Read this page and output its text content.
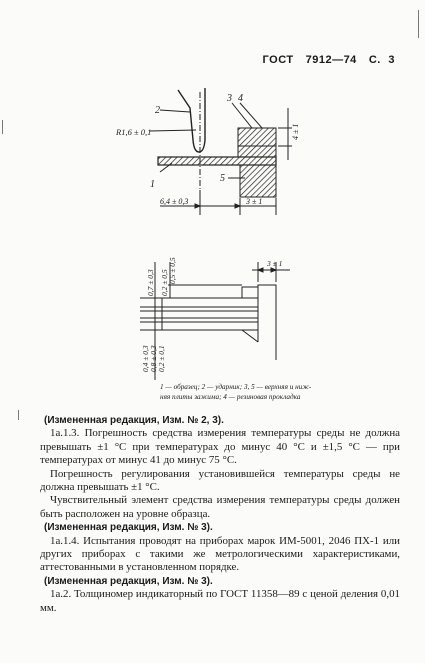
ГОСТ 7912—74 С. 3
2
3 4
1
5
R1,6 ± 0,1
6,4 ± 0,3	3 ± 1
4 ± 1
3 ± 1
0,5 ± 0,5
0,2 ± 0,5
0,7 ± 0,3
0,4 ± 0,3 0,8 ± 0,3 0,2 ± 0,1
1 — образец; 2 — ударник; 3, 5 — верхняя и ниж-
няя плиты зажима; 4 — резиновая прокладка

(Измененная редакция, Изм. № 2, 3).

1а.1.3. Погрешность средства измерения температуры среды не должна превышать ±1 °С при температурах до минус 40 °С и ±1,5 °С — при температурах от минус 41 до минус 75 °С.

Погрешность регулирования установившейся температуры среды не должна превышать ±1 °С.

Чувствительный элемент средства измерения температуры среды должен быть расположен на уровне образца.

(Измененная редакция, Изм. № 3).

1а.1.4. Испытания проводят на приборах марок ИМ-5001, 2046 ПХ-1 или других приборах с такими же метрологическими характеристиками, аттестованными в установленном порядке.

(Измененная редакция, Изм. № 3).

1а.2. Толщиномер индикаторный по ГОСТ 11358—89 с ценой деления 0,01 мм.
